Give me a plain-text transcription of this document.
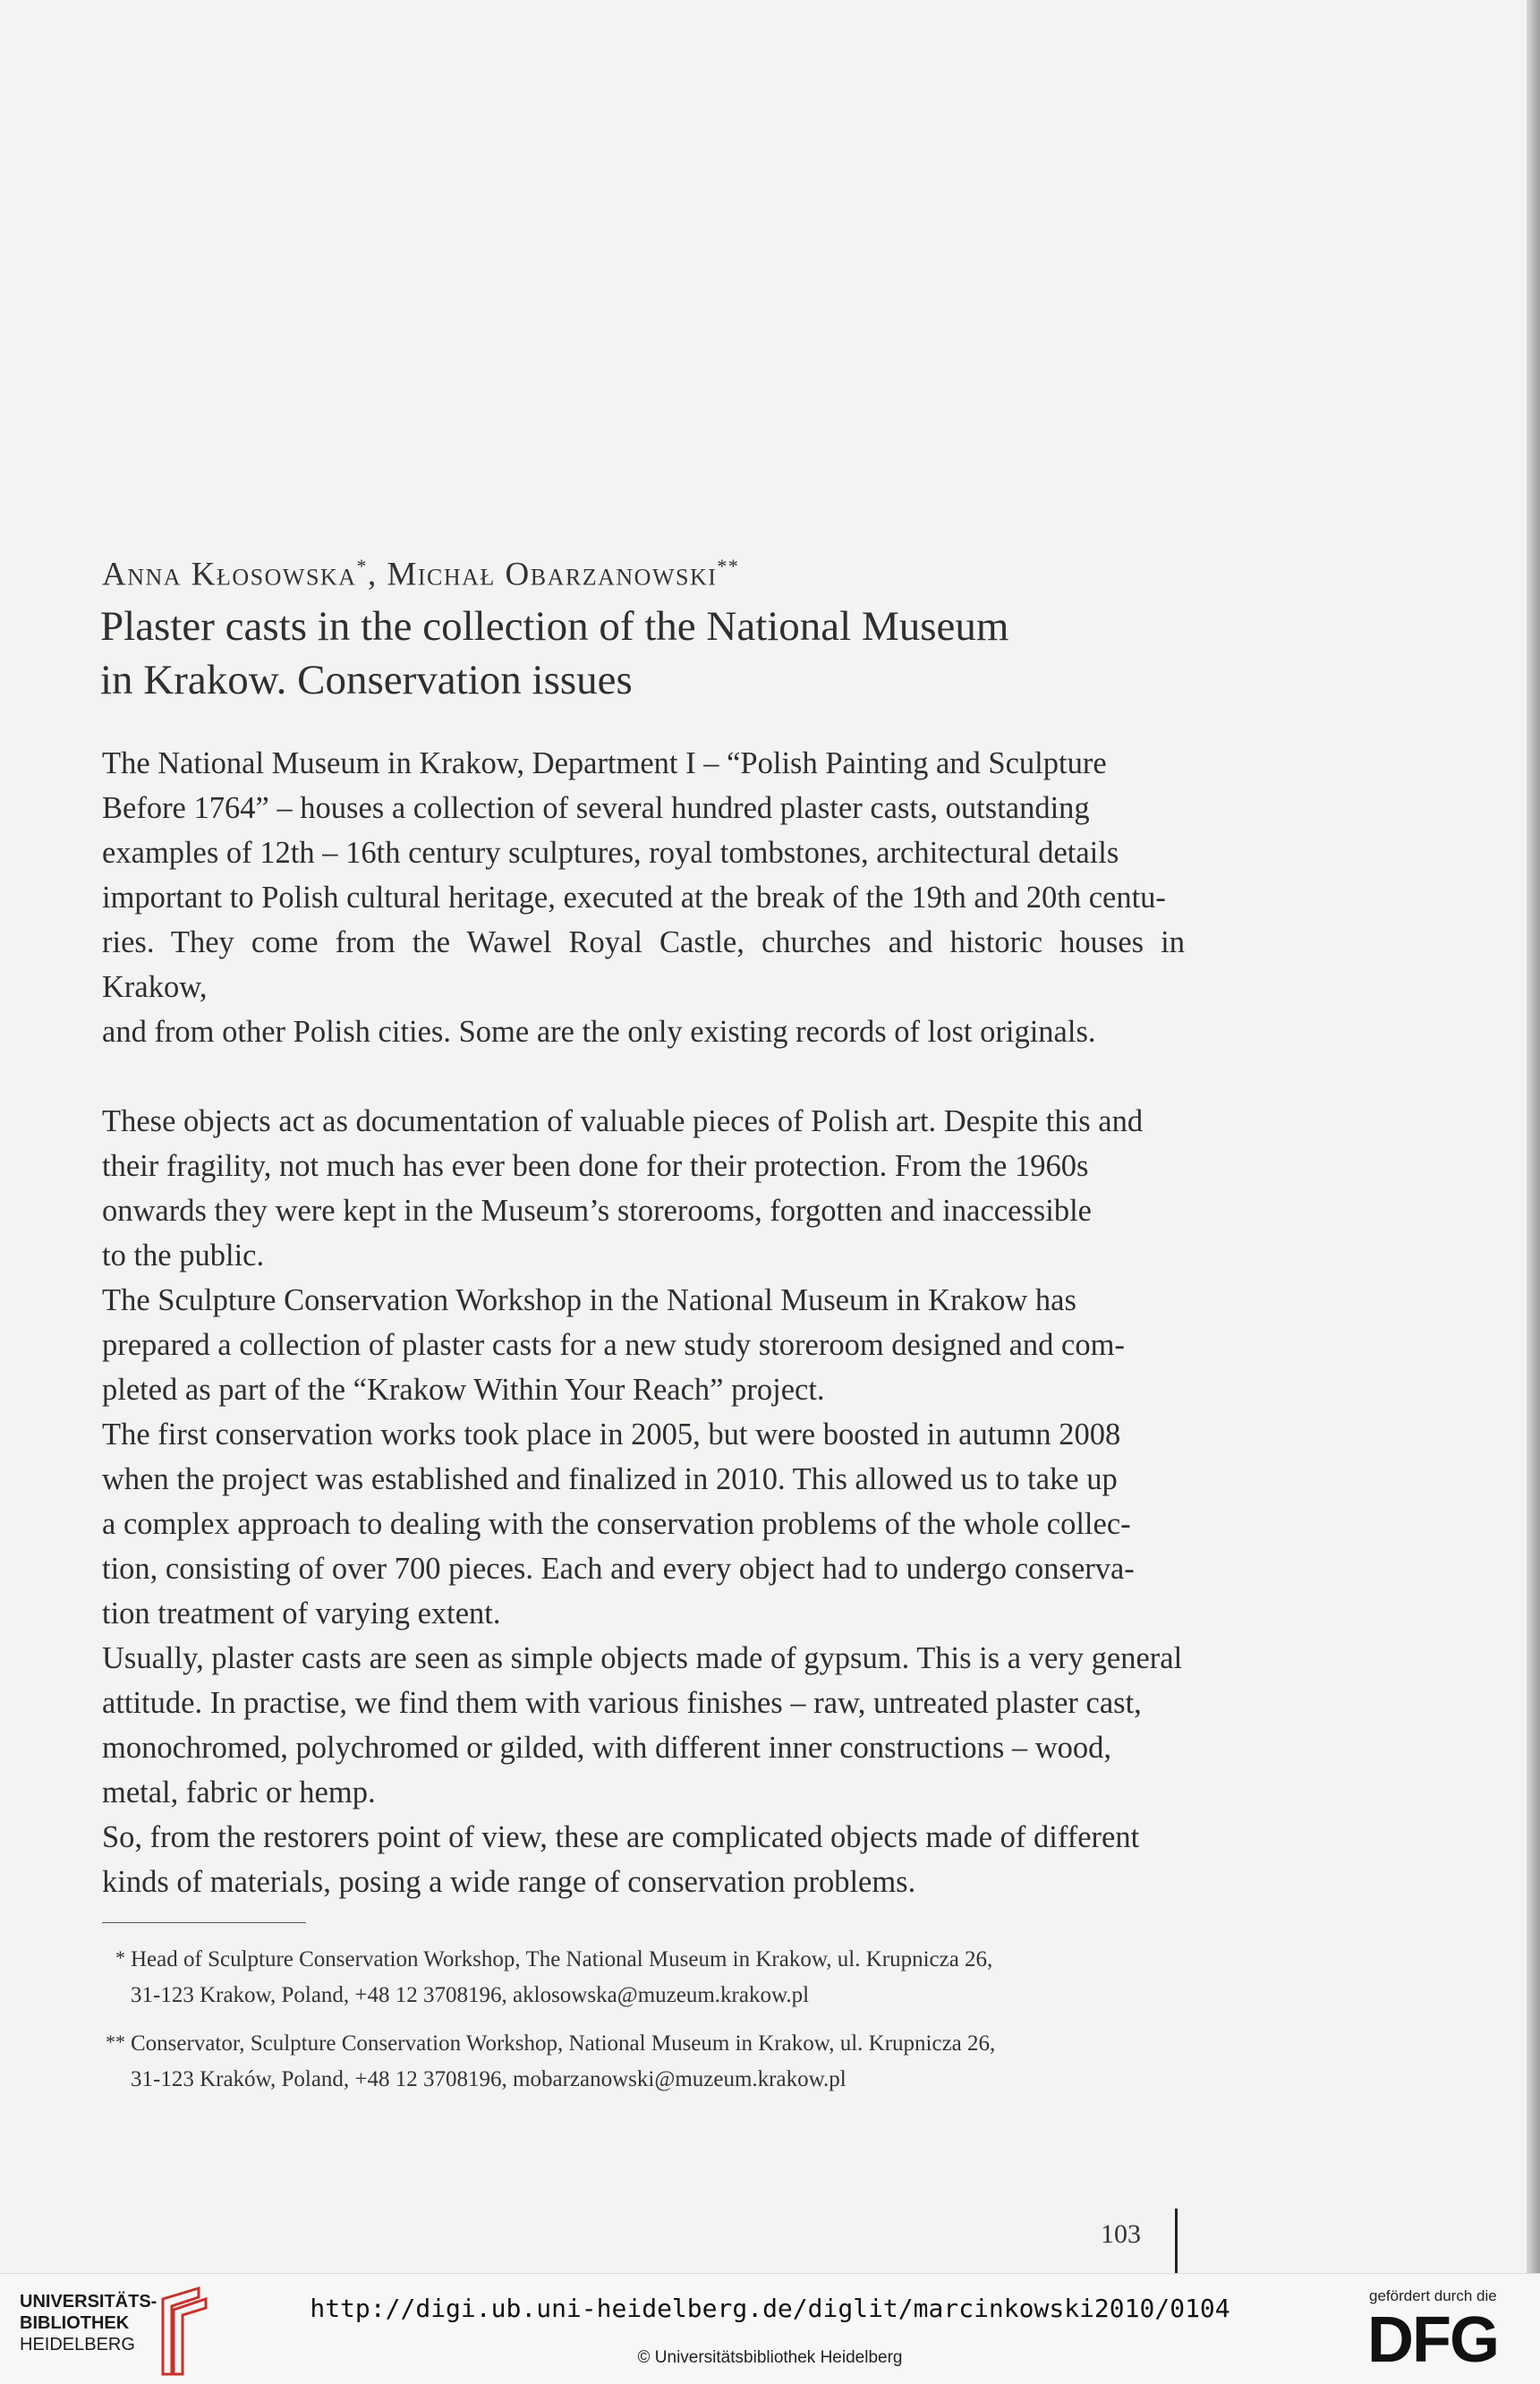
Anna Kłosowska*, Michał Obarzanowski**
Plaster casts in the collection of the National Museum
in Krakow. Conservation issues

The National Museum in Krakow, Department I – “Polish Painting and Sculpture
Before 1764” – houses a collection of several hundred plaster casts, outstanding
examples of 12th – 16th century sculptures, royal tombstones, architectural details
important to Polish cultural heritage, executed at the break of the 19th and 20th centu-
ries. They come from the Wawel Royal Castle, churches and historic houses in Krakow,
and from other Polish cities. Some are the only existing records of lost originals.

These objects act as documentation of valuable pieces of Polish art. Despite this and
their fragility, not much has ever been done for their protection. From the 1960s
onwards they were kept in the Museum’s storerooms, forgotten and inaccessible
to the public.

The Sculpture Conservation Workshop in the National Museum in Krakow has
prepared a collection of plaster casts for a new study storeroom designed and com-
pleted as part of the “Krakow Within Your Reach” project.

The first conservation works took place in 2005, but were boosted in autumn 2008
when the project was established and finalized in 2010. This allowed us to take up
a complex approach to dealing with the conservation problems of the whole collec-
tion, consisting of over 700 pieces. Each and every object had to undergo conserva-
tion treatment of varying extent.

Usually, plaster casts are seen as simple objects made of gypsum. This is a very general
attitude. In practise, we find them with various finishes – raw, untreated plaster cast,
monochromed, polychromed or gilded, with different inner constructions – wood,
metal, fabric or hemp.

So, from the restorers point of view, these are complicated objects made of different
kinds of materials, posing a wide range of conservation problems.

* Head of Sculpture Conservation Workshop, The National Museum in Krakow, ul. Krupnicza 26,
31-123 Krakow, Poland, +48 12 3708196, aklosowska@muzeum.krakow.pl
** Conservator, Sculpture Conservation Workshop, National Museum in Krakow, ul. Krupnicza 26,
31-123 Kraków, Poland, +48 12 3708196, mobarzanowski@muzeum.krakow.pl
103
UNIVERSITÄTS-
BIBLIOTHEK
HEIDELBERG
http://digi.ub.uni-heidelberg.de/diglit/marcinkowski2010/0104
© Universitätsbibliothek Heidelberg
gefördert durch die
DFG
